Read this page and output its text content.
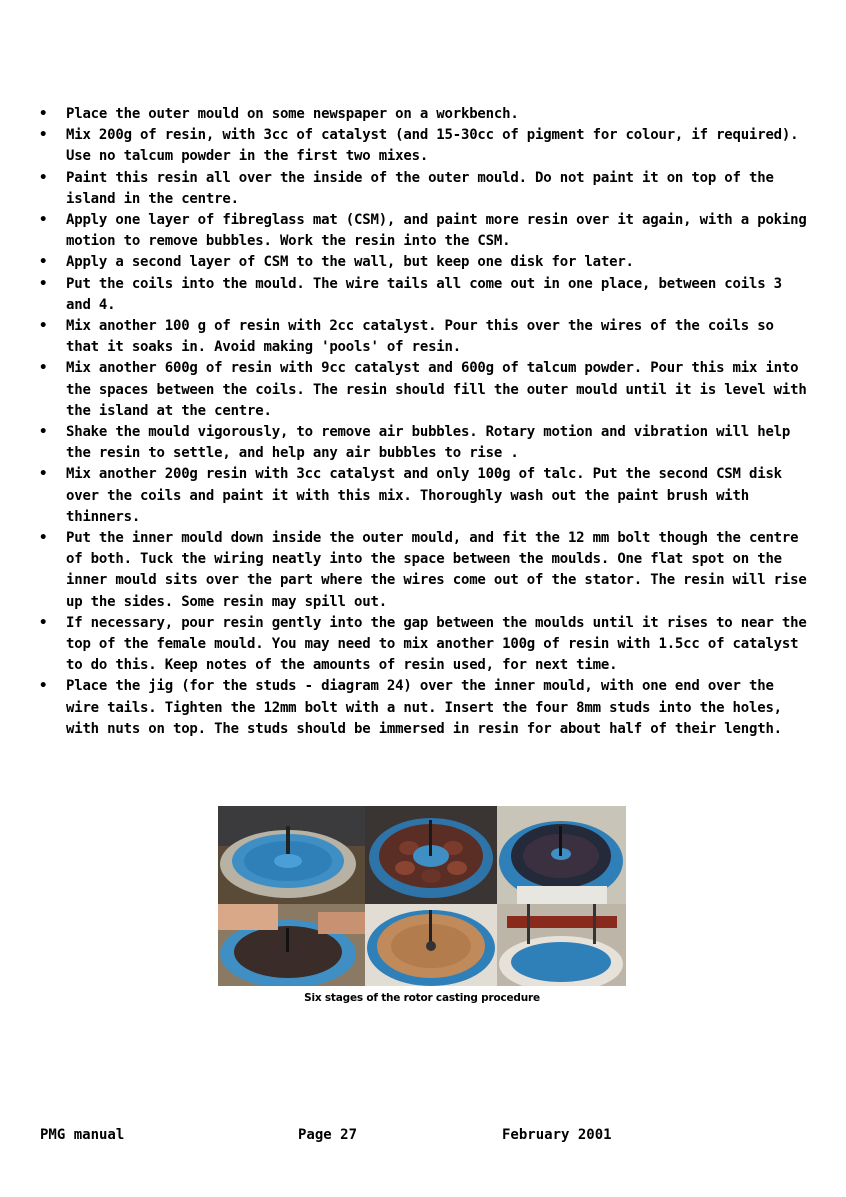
• Place the outer mould on some newspaper on a workbench.
• Mix 200g of resin, with 3cc of catalyst (and 15-30cc of pigment for colour, if required). Use no talcum powder in the first two mixes.
• Paint this resin all over the inside of the outer mould. Do not paint it on top of the island in the centre.
• Apply one layer of fibreglass mat (CSM), and paint more resin over it again, with a poking motion to remove bubbles. Work the resin into the CSM.
• Apply a second layer of CSM to the wall, but keep one disk for later.
• Put the coils into the mould. The wire tails all come out in one place, between coils 3 and 4.
• Mix another 100 g of resin with 2cc catalyst. Pour this over the wires of the coils so that it soaks in. Avoid making 'pools' of resin.
• Mix another 600g of resin with 9cc catalyst and 600g of talcum powder. Pour this mix into the spaces between the coils. The resin should fill the outer mould until it is level with the island at the centre.
• Shake the mould vigorously, to remove air bubbles. Rotary motion and vibration will help the resin to settle, and help any air bubbles to rise .
• Mix another 200g resin with 3cc catalyst and only 100g of talc. Put the second CSM disk over the coils and paint it with this mix. Thoroughly wash out the paint brush with thinners.
• Put the inner mould down inside the outer mould, and fit the 12 mm bolt though the centre of both. Tuck the wiring neatly into the space between the moulds. One flat spot on the inner mould sits over the part where the wires come out of the stator. The resin will rise up the sides. Some resin may spill out.
• If necessary, pour resin gently into the gap between the moulds until it rises to near the top of the female mould. You may need to mix another 100g of resin with 1.5cc of catalyst to do this. Keep notes of the amounts of resin used, for next time.
• Place the jig (for the studs - diagram 24) over the inner mould, with one end over the wire tails. Tighten the 12mm bolt with a nut. Insert the four 8mm studs into the holes, with nuts on top. The studs should be immersed in resin for about half of their length.
Six stages of the rotor casting procedure
PMG manual	Page 27	February 2001
